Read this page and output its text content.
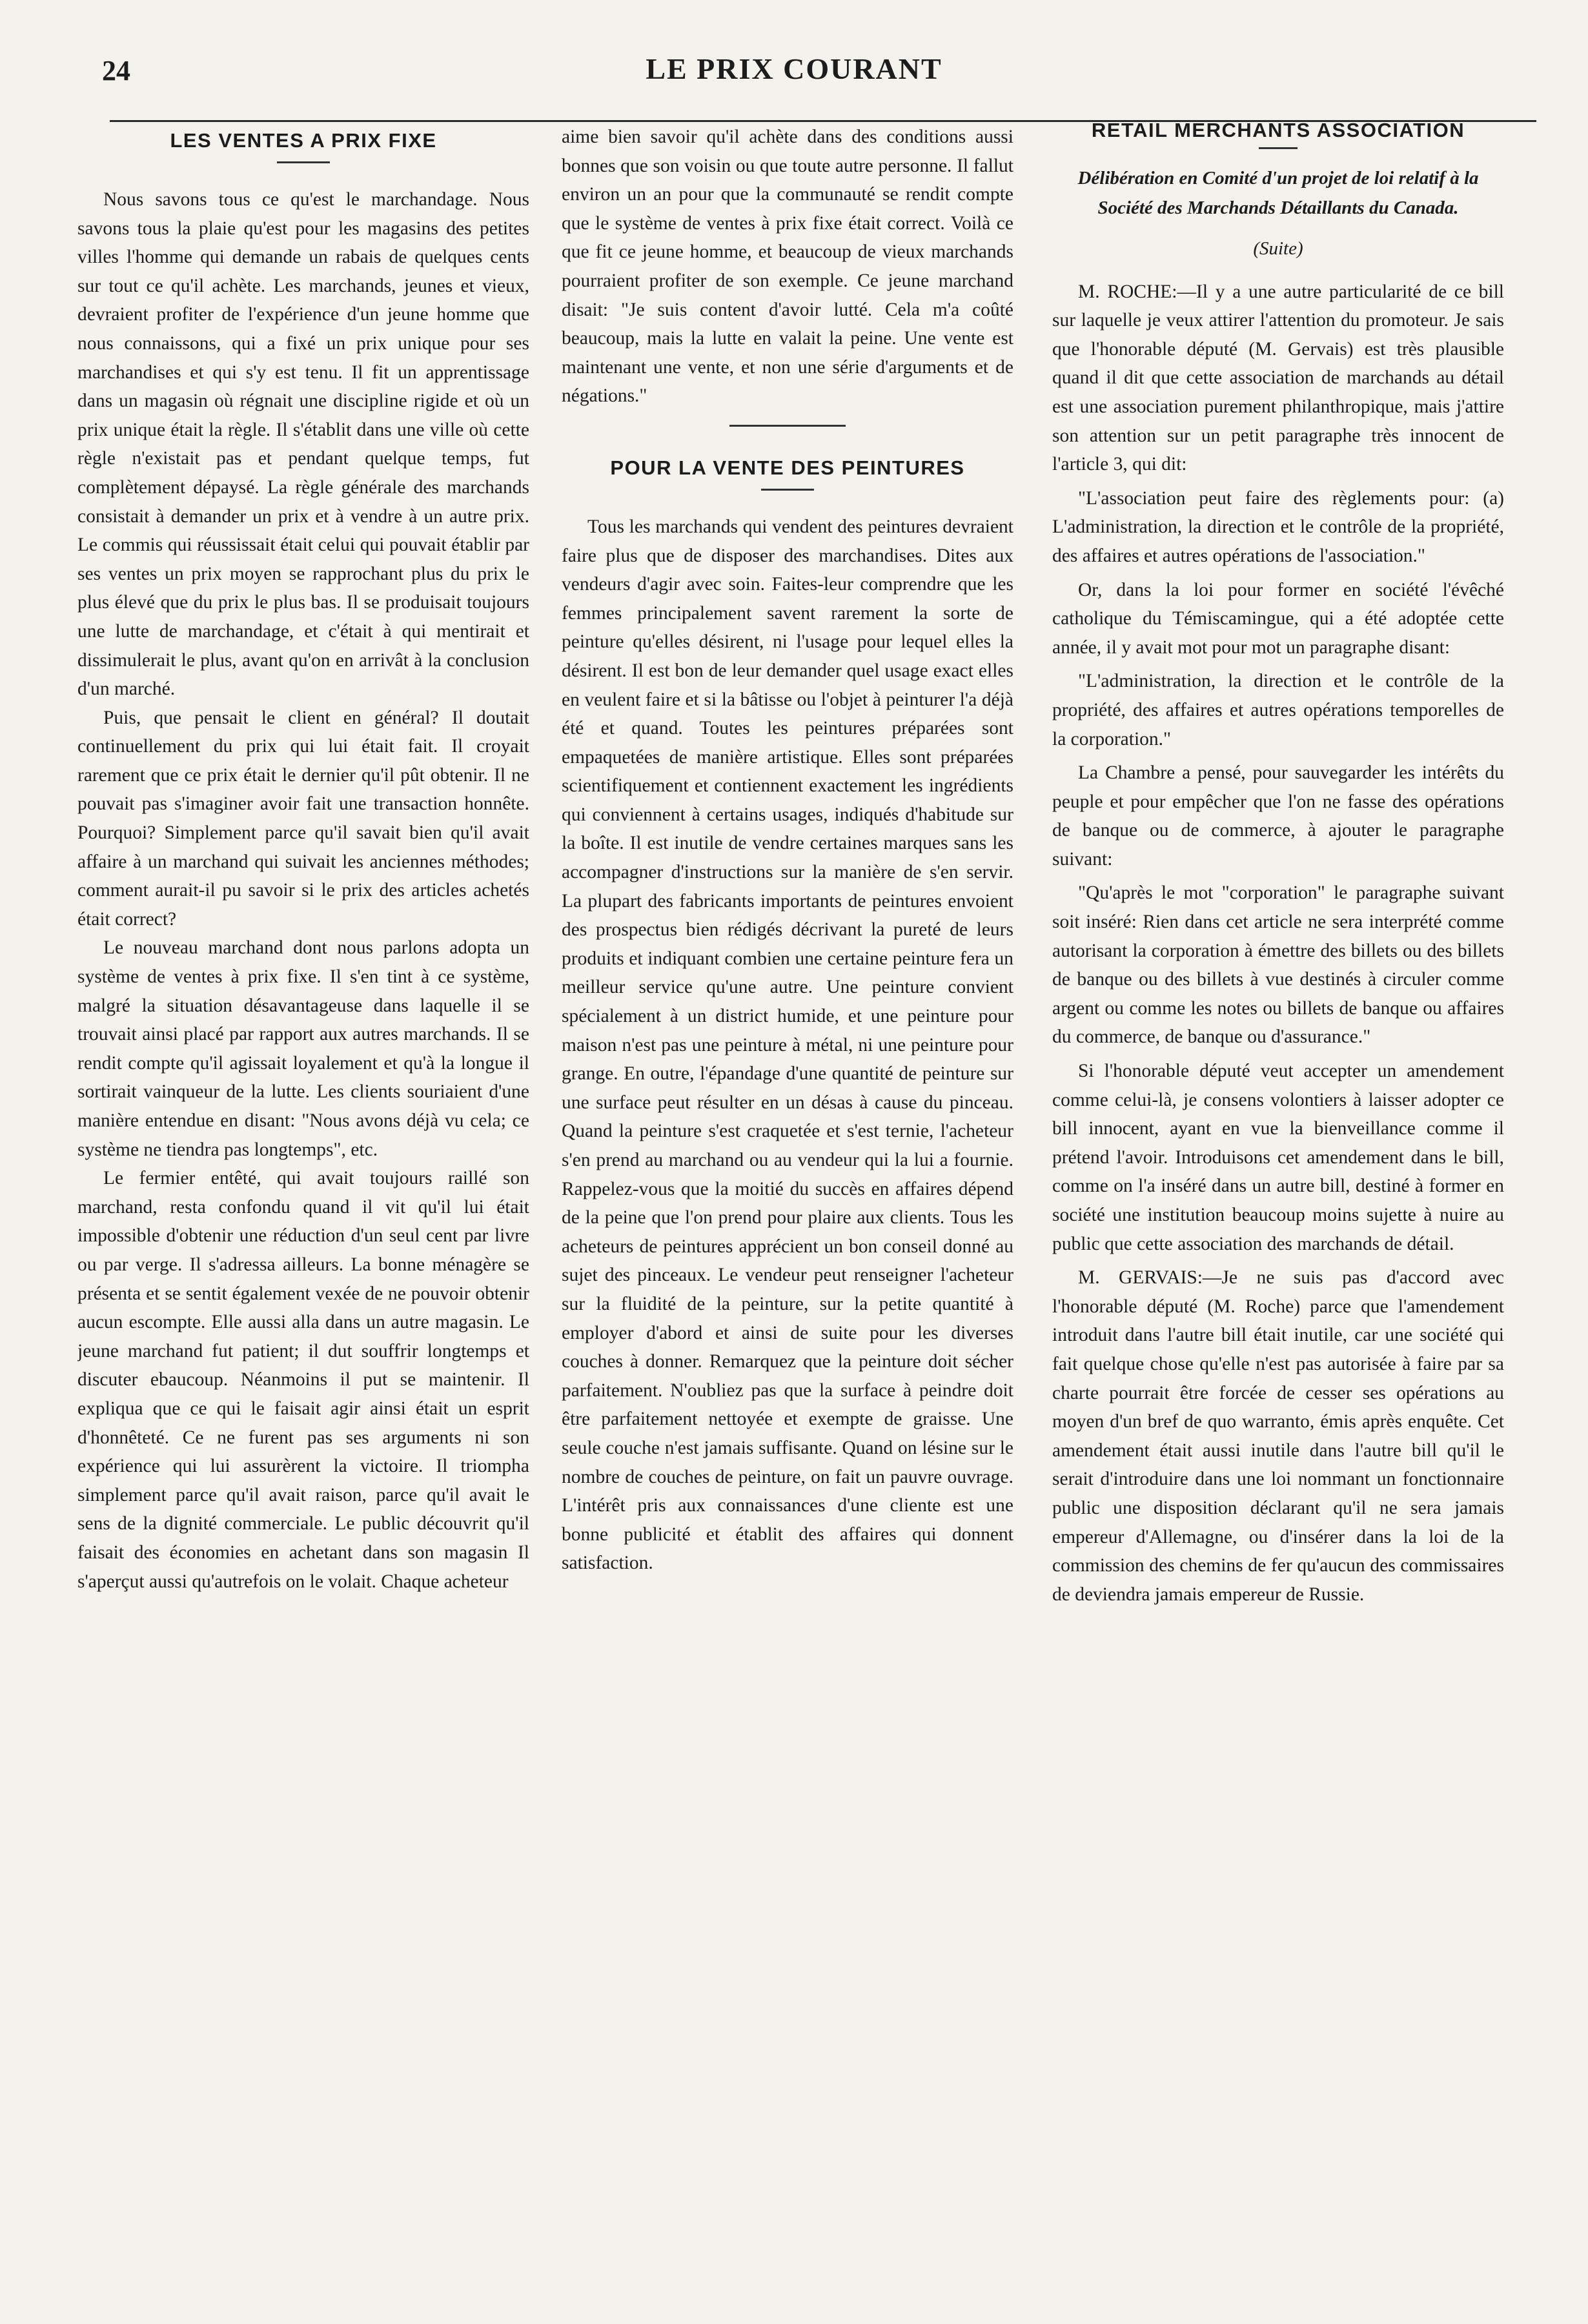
24	LE PRIX COURANT
LES VENTES A PRIX FIXE

Nous savons tous ce qu'est le marchandage. Nous savons tous la plaie qu'est pour les magasins des petites villes l'homme qui demande un rabais de quelques cents sur tout ce qu'il achète. Les marchands, jeunes et vieux, devraient profiter de l'expérience d'un jeune homme que nous connaissons, qui a fixé un prix unique pour ses marchandises et qui s'y est tenu. Il fit un apprentissage dans un magasin où régnait une discipline rigide et où un prix unique était la règle. Il s'établit dans une ville où cette règle n'existait pas et pendant quelque temps, fut complètement dépaysé. La règle générale des marchands consistait à demander un prix et à vendre à un autre prix. Le commis qui réussissait était celui qui pouvait établir par ses ventes un prix moyen se rapprochant plus du prix le plus élevé que du prix le plus bas. Il se produisait toujours une lutte de marchandage, et c'était à qui mentirait et dissimulerait le plus, avant qu'on en arrivât à la conclusion d'un marché.

Puis, que pensait le client en général? Il doutait continuellement du prix qui lui était fait. Il croyait rarement que ce prix était le dernier qu'il pût obtenir. Il ne pouvait pas s'imaginer avoir fait une transaction honnête. Pourquoi? Simplement parce qu'il savait bien qu'il avait affaire à un marchand qui suivait les anciennes méthodes; comment aurait-il pu savoir si le prix des articles achetés était correct?

Le nouveau marchand dont nous parlons adopta un système de ventes à prix fixe. Il s'en tint à ce système, malgré la situation désavantageuse dans laquelle il se trouvait ainsi placé par rapport aux autres marchands. Il se rendit compte qu'il agissait loyalement et qu'à la longue il sortirait vainqueur de la lutte. Les clients souriaient d'une manière entendue en disant: "Nous avons déjà vu cela; ce système ne tiendra pas longtemps", etc.

Le fermier entêté, qui avait toujours raillé son marchand, resta confondu quand il vit qu'il lui était impossible d'obtenir une réduction d'un seul cent par livre ou par verge. Il s'adressa ailleurs. La bonne ménagère se présenta et se sentit également vexée de ne pouvoir obtenir aucun escompte. Elle aussi alla dans un autre magasin. Le jeune marchand fut patient; il dut souffrir longtemps et discuter ebaucoup. Néanmoins il put se maintenir. Il expliqua que ce qui le faisait agir ainsi était un esprit d'honnêteté. Ce ne furent pas ses arguments ni son expérience qui lui assurèrent la victoire. Il triompha simplement parce qu'il avait raison, parce qu'il avait le sens de la dignité commerciale. Le public découvrit qu'il faisait des économies en achetant dans son magasin Il s'aperçut aussi qu'autrefois on le volait. Chaque acheteur

aime bien savoir qu'il achète dans des conditions aussi bonnes que son voisin ou que toute autre personne. Il fallut environ un an pour que la communauté se rendit compte que le système de ventes à prix fixe était correct. Voilà ce que fit ce jeune homme, et beaucoup de vieux marchands pourraient profiter de son exemple. Ce jeune marchand disait: "Je suis content d'avoir lutté. Cela m'a coûté beaucoup, mais la lutte en valait la peine. Une vente est maintenant une vente, et non une série d'arguments et de négations."

POUR LA VENTE DES PEINTURES

Tous les marchands qui vendent des peintures devraient faire plus que de disposer des marchandises. Dites aux vendeurs d'agir avec soin. Faites-leur comprendre que les femmes principalement savent rarement la sorte de peinture qu'elles désirent, ni l'usage pour lequel elles la désirent. Il est bon de leur demander quel usage exact elles en veulent faire et si la bâtisse ou l'objet à peinturer l'a déjà été et quand. Toutes les peintures préparées sont empaquetées de manière artistique. Elles sont préparées scientifiquement et contiennent exactement les ingrédients qui conviennent à certains usages, indiqués d'habitude sur la boîte. Il est inutile de vendre certaines marques sans les accompagner d'instructions sur la manière de s'en servir. La plupart des fabricants importants de peintures envoient des prospectus bien rédigés décrivant la pureté de leurs produits et indiquant combien une certaine peinture fera un meilleur service qu'une autre. Une peinture convient spécialement à un district humide, et une peinture pour maison n'est pas une peinture à métal, ni une peinture pour grange. En outre, l'épandage d'une quantité de peinture sur une surface peut résulter en un désas à cause du pinceau. Quand la peinture s'est craquetée et s'est ternie, l'acheteur s'en prend au marchand ou au vendeur qui la lui a fournie. Rappelez-vous que la moitié du succès en affaires dépend de la peine que l'on prend pour plaire aux clients. Tous les acheteurs de peintures apprécient un bon conseil donné au sujet des pinceaux. Le vendeur peut renseigner l'acheteur sur la fluidité de la peinture, sur la petite quantité à employer d'abord et ainsi de suite pour les diverses couches à donner. Remarquez que la peinture doit sécher parfaitement. N'oubliez pas que la surface à peindre doit être parfaitement nettoyée et exempte de graisse. Une seule couche n'est jamais suffisante. Quand on lésine sur le nombre de couches de peinture, on fait un pauvre ouvrage. L'intérêt pris aux connaissances d'une cliente est une bonne publicité et établit des affaires qui donnent satisfaction.

RETAIL MERCHANTS ASSOCIATION

Délibération en Comité d'un projet de loi relatif à la Société des Marchands Détaillants du Canada.

(Suite)

M. ROCHE:—Il y a une autre particularité de ce bill sur laquelle je veux attirer l'attention du promoteur. Je sais que l'honorable député (M. Gervais) est très plausible quand il dit que cette association de marchands au détail est une association purement philanthropique, mais j'attire son attention sur un petit paragraphe très innocent de l'article 3, qui dit:

"L'association peut faire des règlements pour: (a) L'administration, la direction et le contrôle de la propriété, des affaires et autres opérations de l'association."

Or, dans la loi pour former en société l'évêché catholique du Témiscamingue, qui a été adoptée cette année, il y avait mot pour mot un paragraphe disant:

"L'administration, la direction et le contrôle de la propriété, des affaires et autres opérations temporelles de la corporation."

La Chambre a pensé, pour sauvegarder les intérêts du peuple et pour empêcher que l'on ne fasse des opérations de banque ou de commerce, à ajouter le paragraphe suivant:

"Qu'après le mot "corporation" le paragraphe suivant soit inséré: Rien dans cet article ne sera interprété comme autorisant la corporation à émettre des billets ou des billets de banque ou des billets à vue destinés à circuler comme argent ou comme les notes ou billets de banque ou affaires du commerce, de banque ou d'assurance."

Si l'honorable député veut accepter un amendement comme celui-là, je consens volontiers à laisser adopter ce bill innocent, ayant en vue la bienveillance comme il prétend l'avoir. Introduisons cet amendement dans le bill, comme on l'a inséré dans un autre bill, destiné à former en société une institution beaucoup moins sujette à nuire au public que cette association des marchands de détail.

M. GERVAIS:—Je ne suis pas d'accord avec l'honorable député (M. Roche) parce que l'amendement introduit dans l'autre bill était inutile, car une société qui fait quelque chose qu'elle n'est pas autorisée à faire par sa charte pourrait être forcée de cesser ses opérations au moyen d'un bref de quo warranto, émis après enquête. Cet amendement était aussi inutile dans l'autre bill qu'il le serait d'introduire dans une loi nommant un fonctionnaire public une disposition déclarant qu'il ne sera jamais empereur d'Allemagne, ou d'insérer dans la loi de la commission des chemins de fer qu'aucun des commissaires de deviendra jamais empereur de Russie.
